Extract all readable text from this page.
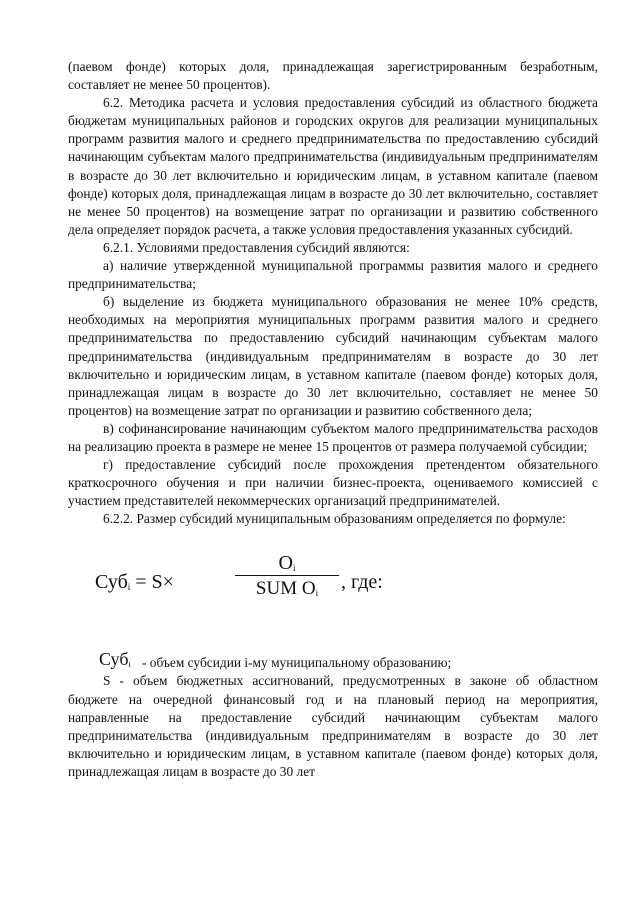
(паевом фонде) которых доля, принадлежащая зарегистрированным безработным, составляет не менее 50 процентов).

6.2. Методика расчета и условия предоставления субсидий из областного бюджета бюджетам муниципальных районов и городских округов для реализации муниципальных программ развития малого и среднего предпринимательства по предоставлению субсидий начинающим субъектам малого предпринимательства (индивидуальным предпринимателям в возрасте до 30 лет включительно и юридическим лицам, в уставном капитале (паевом фонде) которых доля, принадлежащая лицам в возрасте до 30 лет включительно, составляет не менее 50 процентов) на возмещение затрат по организации и развитию собственного дела определяет порядок расчета, а также условия предоставления указанных субсидий.

6.2.1. Условиями предоставления субсидий являются:

а) наличие утвержденной муниципальной программы развития малого и среднего предпринимательства;

б) выделение из бюджета муниципального образования не менее 10% средств, необходимых на мероприятия муниципальных программ развития малого и среднего предпринимательства по предоставлению субсидий начинающим субъектам малого предпринимательства (индивидуальным предпринимателям в возрасте до 30 лет включительно и юридическим лицам, в уставном капитале (паевом фонде) которых доля, принадлежащая лицам в возрасте до 30 лет включительно, составляет не менее 50 процентов) на возмещение затрат по организации и развитию собственного дела;

в) софинансирование начинающим субъектом малого предпринимательства расходов на реализацию проекта в размере не менее 15 процентов от размера получаемой субсидии;

г) предоставление субсидий после прохождения претендентом обязательного краткосрочного обучения и при наличии бизнес-проекта, оцениваемого комиссией с участием представителей некоммерческих организаций предпринимателей.

6.2.2. Размер субсидий муниципальным образованиям определяется по формуле:

Суб$_i$ = S×
$O_i$
SUM $O_i$	, где:
Суб$_i$ - объем субсидии i-му муниципальному образованию;

S - объем бюджетных ассигнований, предусмотренных в законе об областном бюджете на очередной финансовый год и на плановый период на мероприятия, направленные на предоставление субсидий начинающим субъектам малого предпринимательства (индивидуальным предпринимателям в возрасте до 30 лет включительно и юридическим лицам, в уставном капитале (паевом фонде) которых доля, принадлежащая лицам в возрасте до 30 лет
